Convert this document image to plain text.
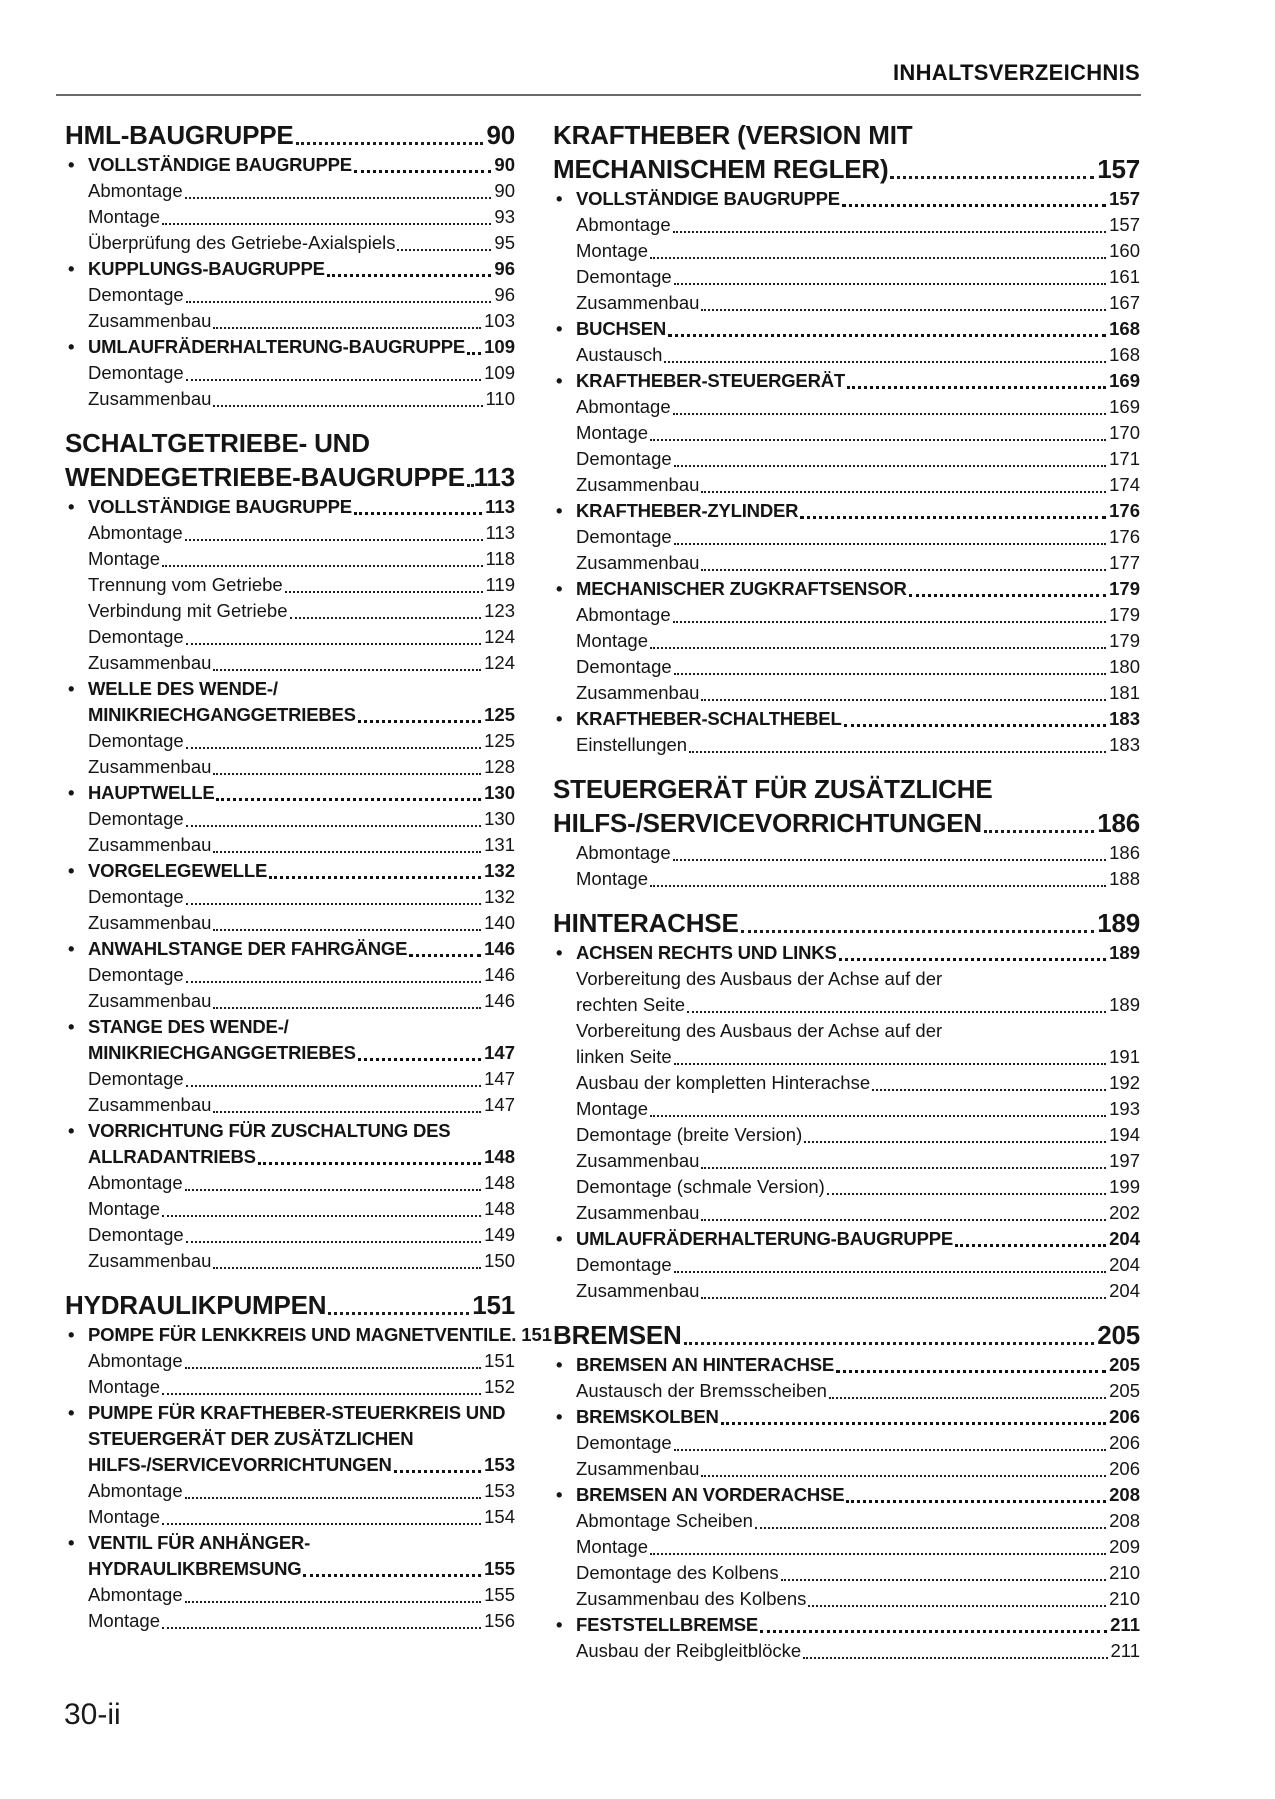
INHALTSVERZEICHNIS
HML-BAUGRUPPE	90
• VOLLSTÄNDIGE BAUGRUPPE	90
Abmontage	90
Montage	93
Überprüfung des Getriebe-Axialspiels	95
• KUPPLUNGS-BAUGRUPPE	96
Demontage	96
Zusammenbau	103
• UMLAUFRÄDERHALTERUNG-BAUGRUPPE 109
Demontage	109
Zusammenbau	110
SCHALTGETRIEBE- UND
WENDEGETRIEBE-BAUGRUPPE 113
• VOLLSTÄNDIGE BAUGRUPPE	113
Abmontage	113
Montage	118
Trennung vom Getriebe	119
Verbindung mit Getriebe	123
Demontage	124
Zusammenbau	124
• WELLE DES WENDE-/
MINIKRIECHGANGGETRIEBES	125
Demontage	125
Zusammenbau	128
• HAUPTWELLE	130
Demontage	130
Zusammenbau	131
• VORGELEGEWELLE	132
Demontage	132
Zusammenbau	140
• ANWAHLSTANGE DER FAHRGÄNGE	146
Demontage	146
Zusammenbau	146
• STANGE DES WENDE-/
MINIKRIECHGANGGETRIEBES	147
Demontage	147
Zusammenbau	147
• VORRICHTUNG FÜR ZUSCHALTUNG DES
ALLRADANTRIEBS	148
Abmontage	148
Montage	148
Demontage	149
Zusammenbau	150
HYDRAULIKPUMPEN	151
• POMPE FÜR LENKKREIS UND MAGNETVENTILE. 151
Abmontage	151
Montage	152
• PUMPE FÜR KRAFTHEBER-STEUERKREIS UND
STEUERGERÄT DER ZUSÄTZLICHEN
HILFS-/SERVICEVORRICHTUNGEN	153
Abmontage	153
Montage	154
• VENTIL FÜR ANHÄNGER-
HYDRAULIKBREMSUNG	155
Abmontage	155
Montage	156
KRAFTHEBER (VERSION MIT
MECHANISCHEM REGLER)	157
• VOLLSTÄNDIGE BAUGRUPPE	157
Abmontage	157
Montage	160
Demontage	161
Zusammenbau	167
• BUCHSEN	168
Austausch	168
• KRAFTHEBER-STEUERGERÄT	169
Abmontage	169
Montage	170
Demontage	171
Zusammenbau	174
• KRAFTHEBER-ZYLINDER	176
Demontage	176
Zusammenbau	177
• MECHANISCHER ZUGKRAFTSENSOR	179
Abmontage	179
Montage	179
Demontage	180
Zusammenbau	181
• KRAFTHEBER-SCHALTHEBEL	183
Einstellungen	183
STEUERGERÄT FÜR ZUSÄTZLICHE
HILFS-/SERVICEVORRICHTUNGEN	186
Abmontage	186
Montage	188
HINTERACHSE	189
• ACHSEN RECHTS UND LINKS	189
Vorbereitung des Ausbaus der Achse auf der
rechten Seite	189
Vorbereitung des Ausbaus der Achse auf der
linken Seite	191
Ausbau der kompletten Hinterachse	192
Montage	193
Demontage (breite Version)	194
Zusammenbau	197
Demontage (schmale Version)	199
Zusammenbau	202
• UMLAUFRÄDERHALTERUNG-BAUGRUPPE	204
Demontage	204
Zusammenbau	204
BREMSEN	205
• BREMSEN AN HINTERACHSE	205
Austausch der Bremsscheiben	205
• BREMSKOLBEN	206
Demontage	206
Zusammenbau	206
• BREMSEN AN VORDERACHSE	208
Abmontage Scheiben	208
Montage	209
Demontage des Kolbens	210
Zusammenbau des Kolbens	210
• FESTSTELLBREMSE	211
Ausbau der Reibgleitblöcke	211
30-ii
